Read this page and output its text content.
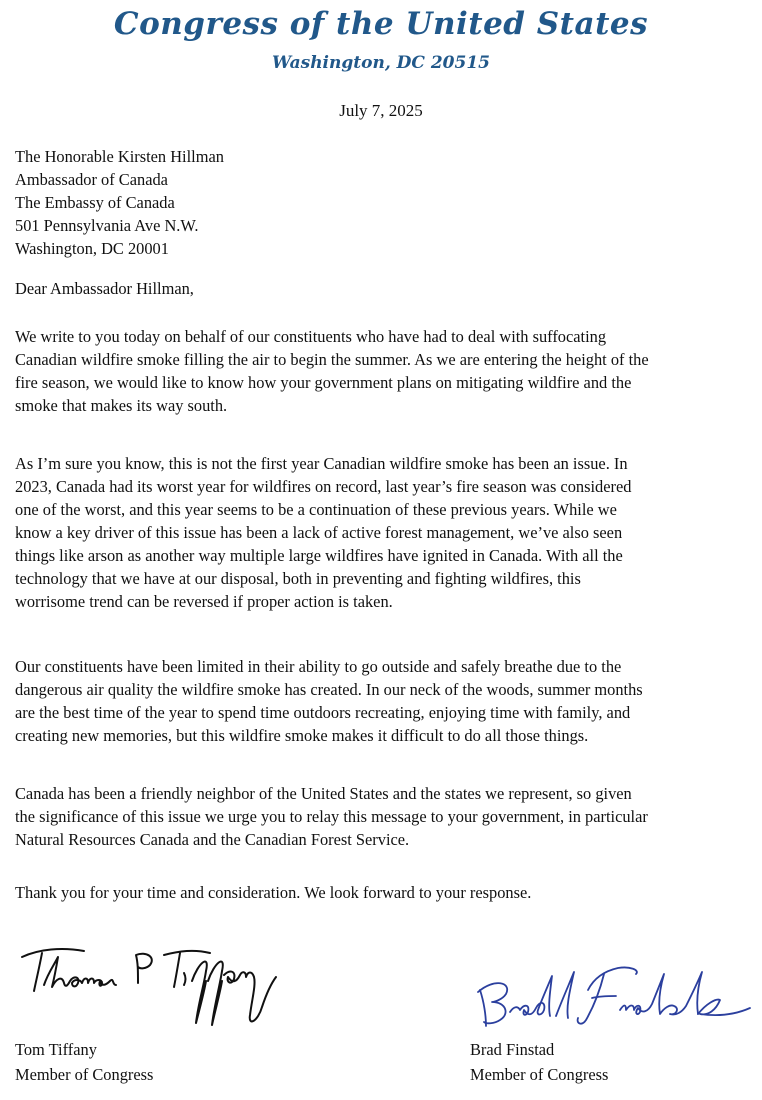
Congress of the United States
Washington, DC 20515
July 7, 2025
The Honorable Kirsten Hillman
Ambassador of Canada
The Embassy of Canada
501 Pennsylvania Ave N.W.
Washington, DC 20001
Dear Ambassador Hillman,
We write to you today on behalf of our constituents who have had to deal with suffocating
Canadian wildfire smoke filling the air to begin the summer. As we are entering the height of the
fire season, we would like to know how your government plans on mitigating wildfire and the
smoke that makes its way south.
As I’m sure you know, this is not the first year Canadian wildfire smoke has been an issue. In
2023, Canada had its worst year for wildfires on record, last year’s fire season was considered
one of the worst, and this year seems to be a continuation of these previous years. While we
know a key driver of this issue has been a lack of active forest management, we’ve also seen
things like arson as another way multiple large wildfires have ignited in Canada. With all the
technology that we have at our disposal, both in preventing and fighting wildfires, this
worrisome trend can be reversed if proper action is taken.
Our constituents have been limited in their ability to go outside and safely breathe due to the
dangerous air quality the wildfire smoke has created. In our neck of the woods, summer months
are the best time of the year to spend time outdoors recreating, enjoying time with family, and
creating new memories, but this wildfire smoke makes it difficult to do all those things.
Canada has been a friendly neighbor of the United States and the states we represent, so given
the significance of this issue we urge you to relay this message to your government, in particular
Natural Resources Canada and the Canadian Forest Service.
Thank you for your time and consideration. We look forward to your response.
Tom Tiffany
Member of Congress
Brad Finstad
Member of Congress
